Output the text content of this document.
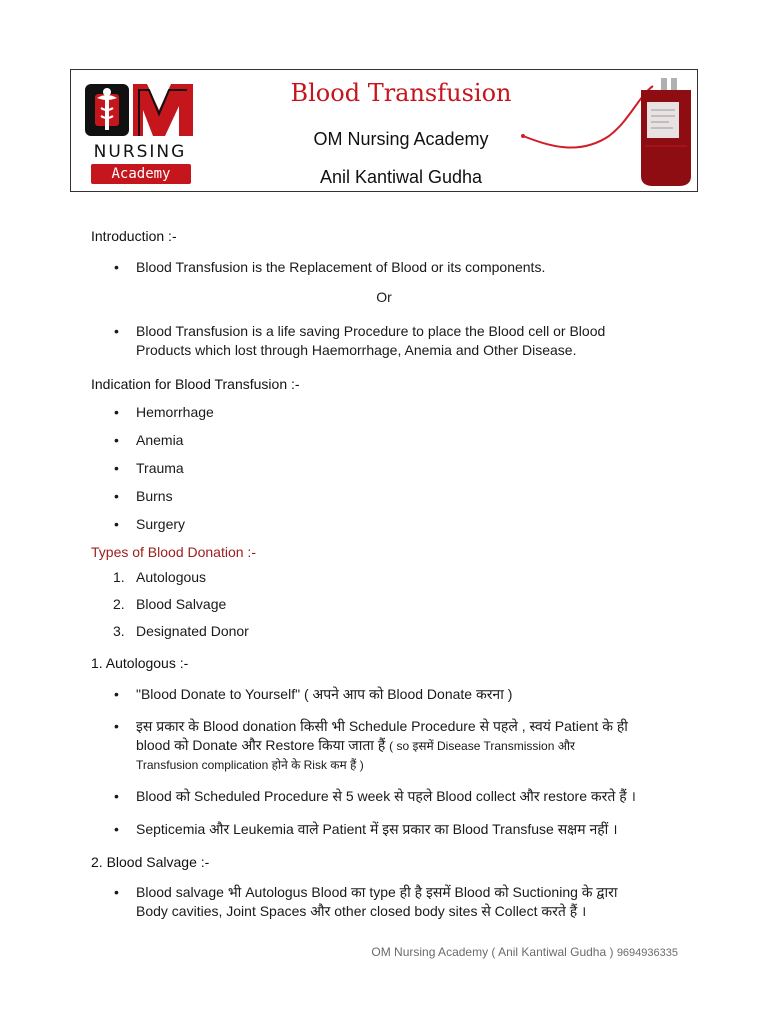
NURSING
Academy
Blood Transfusion
OM Nursing Academy
Anil Kantiwal Gudha
Introduction :-
• Blood Transfusion is the Replacement of Blood or its components.
Or
• Blood Transfusion is a life saving Procedure to place the Blood cell or Blood
Products which lost through Haemorrhage, Anemia and Other Disease.
Indication for Blood Transfusion :-
• Hemorrhage
• Anemia
• Trauma
• Burns
• Surgery
Types of Blood Donation :-
1. Autologous
2. Blood Salvage
3. Designated Donor
1. Autologous :-
• "Blood Donate to Yourself" ( अपने आप को Blood Donate करना )
• इस प्रकार के Blood donation किसी भी Schedule Procedure से पहले , स्वयं Patient के ही
blood को Donate और Restore किया जाता हैं ( so इसमें Disease Transmission और
Transfusion complication होने के Risk कम हैं )
• Blood को Scheduled Procedure से 5 week से पहले Blood collect और restore करते हैं ।
• Septicemia और Leukemia वाले Patient में इस प्रकार का Blood Transfuse सक्षम नहीं ।
2. Blood Salvage :-
• Blood salvage भी Autologus Blood का type ही है इसमें Blood को Suctioning के द्वारा
Body cavities, Joint Spaces और other closed body sites से Collect करते हैं ।
OM Nursing Academy ( Anil Kantiwal Gudha ) 9694936335
